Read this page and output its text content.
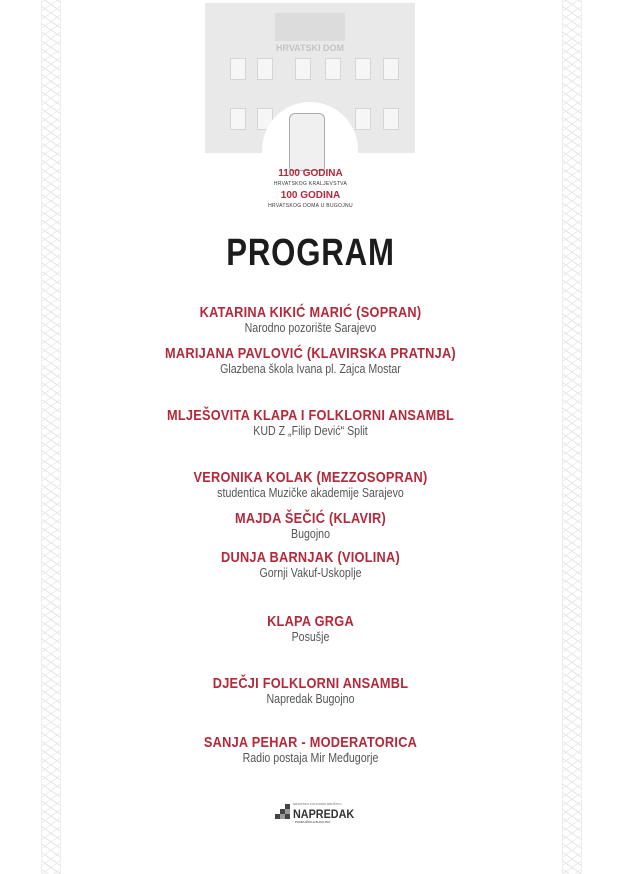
HRVATSKI DOM
1100 GODINA
HRVATSKOG KRALJEVSTVA
100 GODINA
HRVATSKOG DOMA U BUGOJNU
PROGRAM
KATARINA KIKIĆ MARIĆ (SOPRAN)
Narodno pozorište Sarajevo
MARIJANA PAVLOVIĆ (KLAVIRSKA PRATNJA)
Glazbena škola Ivana pl. Zajca Mostar
MLJEŠOVITA KLAPA I FOLKLORNI ANSAMBL
KUD Z „Filip Dević“ Split
VERONIKA KOLAK (MEZZOSOPRAN)
studentica Muzičke akademije Sarajevo
MAJDA ŠEČIĆ (KLAVIR)
Bugojno
DUNJA BARNJAK (VIOLINA)
Gornji Vakuf-Uskoplje
KLAPA GRGA
Posušje
DJEČJI FOLKLORNI ANSAMBL
Napredak Bugojno
SANJA PEHAR - MODERATORICA
Radio postaja Mir Međugorje
HRVATSKO KULTURNO DRUŠTVO
NAPREDAK
PODRUŽNICA BUGOJNO
